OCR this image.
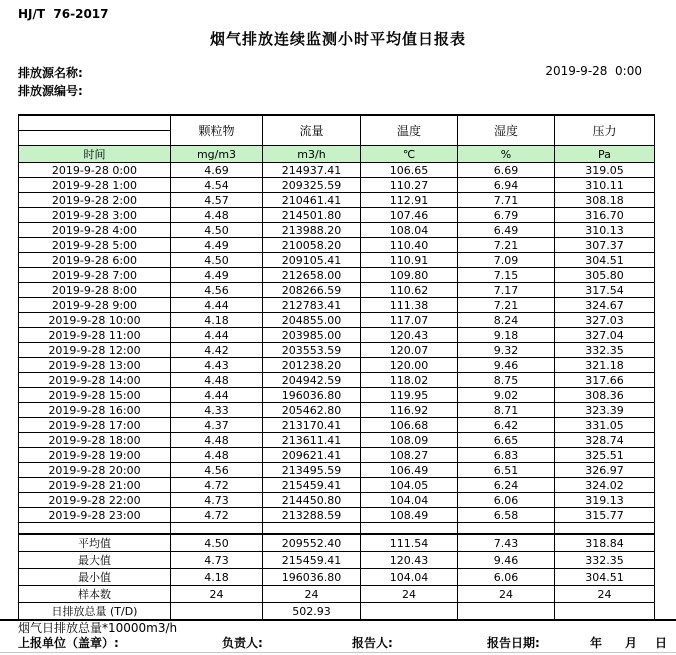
HJ/T  76-2017
烟气排放连续监测小时平均值日报表
排放源名称:
排放源编号:
2019-9-28  0:00
	颗粒物	流量	温度	湿度	压力
时间	mg/m3	m3/h	℃	%	Pa
2019-9-28 0:00	4.69	214937.41	106.65	6.69	319.05
2019-9-28 1:00	4.54	209325.59	110.27	6.94	310.11
2019-9-28 2:00	4.57	210461.41	112.91	7.71	308.18
2019-9-28 3:00	4.48	214501.80	107.46	6.79	316.70
2019-9-28 4:00	4.50	213988.20	108.04	6.49	310.13
2019-9-28 5:00	4.49	210058.20	110.40	7.21	307.37
2019-9-28 6:00	4.50	209105.41	110.91	7.09	304.51
2019-9-28 7:00	4.49	212658.00	109.80	7.15	305.80
2019-9-28 8:00	4.56	208266.59	110.62	7.17	317.54
2019-9-28 9:00	4.44	212783.41	111.38	7.21	324.67
2019-9-28 10:00	4.18	204855.00	117.07	8.24	327.03
2019-9-28 11:00	4.44	203985.00	120.43	9.18	327.04
2019-9-28 12:00	4.42	203553.59	120.07	9.32	332.35
2019-9-28 13:00	4.43	201238.20	120.00	9.46	321.18
2019-9-28 14:00	4.48	204942.59	118.02	8.75	317.66
2019-9-28 15:00	4.44	196036.80	119.95	9.02	308.36
2019-9-28 16:00	4.33	205462.80	116.92	8.71	323.39
2019-9-28 17:00	4.37	213170.41	106.68	6.42	331.05
2019-9-28 18:00	4.48	213611.41	108.09	6.65	328.74
2019-9-28 19:00	4.48	209621.41	108.27	6.83	325.51
2019-9-28 20:00	4.56	213495.59	106.49	6.51	326.97
2019-9-28 21:00	4.72	215459.41	104.05	6.24	324.02
2019-9-28 22:00	4.73	214450.80	104.04	6.06	319.13
2019-9-28 23:00	4.72	213288.59	108.49	6.58	315.77

平均值	4.50	209552.40	111.54	7.43	318.84
最大值	4.73	215459.41	120.43	9.46	332.35
最小值	4.18	196036.80	104.04	6.06	304.51
样本数	24	24	24	24	24
日排放总量 (T/D)		502.93			
烟气日排放总量*10000m3/h
上报单位（盖章）:	负责人:	报告人:	报告日期:	年 月 日
